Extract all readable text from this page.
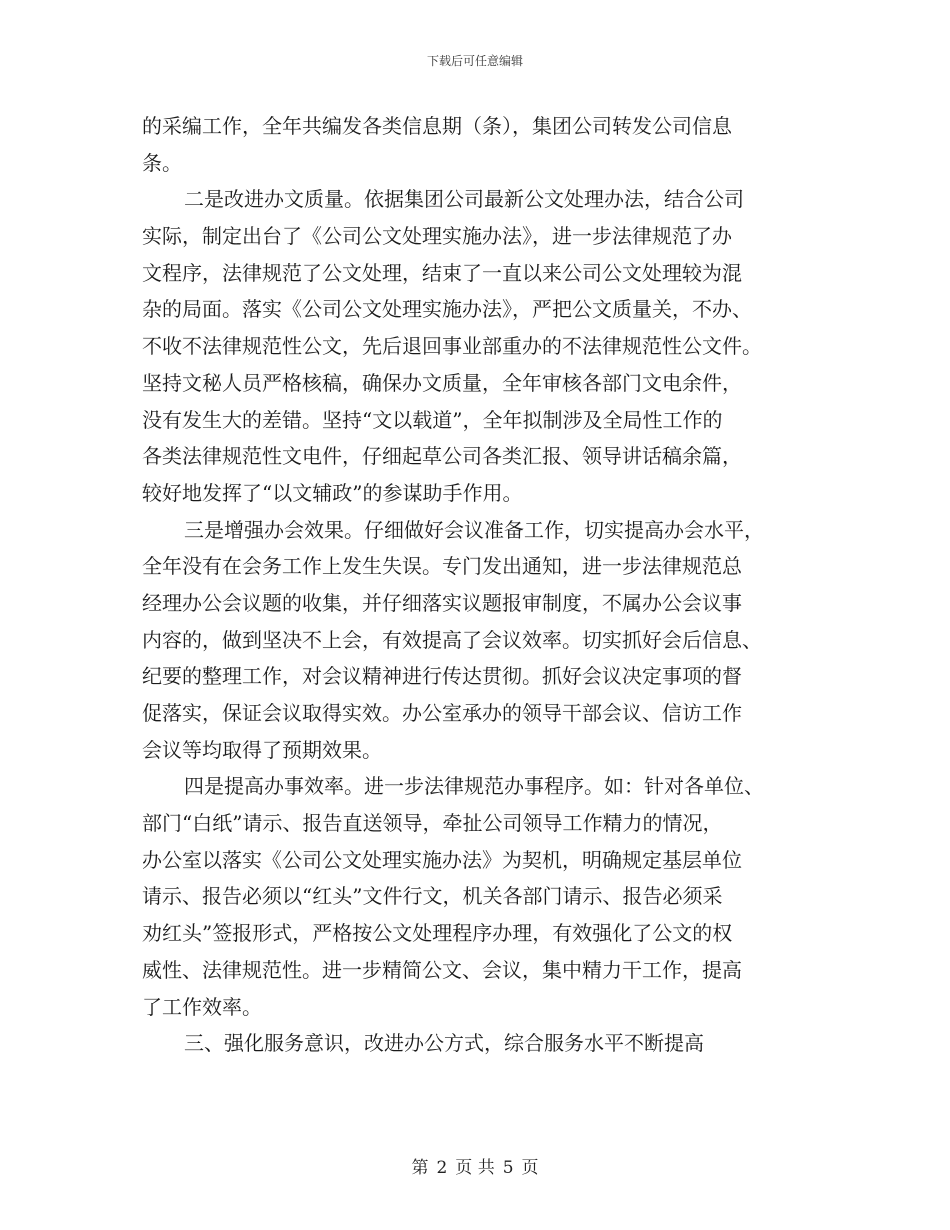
下载后可任意编辑
的采编工作，全年共编发各类信息期（条），集团公司转发公司信息
条。
二是改进办文质量。依据集团公司最新公文处理办法，结合公司
实际，制定出台了《公司公文处理实施办法》，进一步法律规范了办
文程序，法律规范了公文处理，结束了一直以来公司公文处理较为混
杂的局面。落实《公司公文处理实施办法》，严把公文质量关，不办、
不收不法律规范性公文，先后退回事业部重办的不法律规范性公文件。
坚持文秘人员严格核稿，确保办文质量，全年审核各部门文电余件，
没有发生大的差错。坚持“文以载道”，全年拟制涉及全局性工作的
各类法律规范性文电件，仔细起草公司各类汇报、领导讲话稿余篇，
较好地发挥了“以文辅政”的参谋助手作用。
三是增强办会效果。仔细做好会议准备工作，切实提高办会水平，
全年没有在会务工作上发生失误。专门发出通知，进一步法律规范总
经理办公会议题的收集，并仔细落实议题报审制度，不属办公会议事
内容的，做到坚决不上会，有效提高了会议效率。切实抓好会后信息、
纪要的整理工作，对会议精神进行传达贯彻。抓好会议决定事项的督
促落实，保证会议取得实效。办公室承办的领导干部会议、信访工作
会议等均取得了预期效果。
四是提高办事效率。进一步法律规范办事程序。如：针对各单位、
部门“白纸”请示、报告直送领导，牵扯公司领导工作精力的情况，
办公室以落实《公司公文处理实施办法》为契机，明确规定基层单位
请示、报告必须以“红头”文件行文，机关各部门请示、报告必须采
劝红头”签报形式，严格按公文处理程序办理，有效强化了公文的权
威性、法律规范性。进一步精简公文、会议，集中精力干工作，提高
了工作效率。
三、强化服务意识，改进办公方式，综合服务水平不断提高
第 2 页 共 5 页
